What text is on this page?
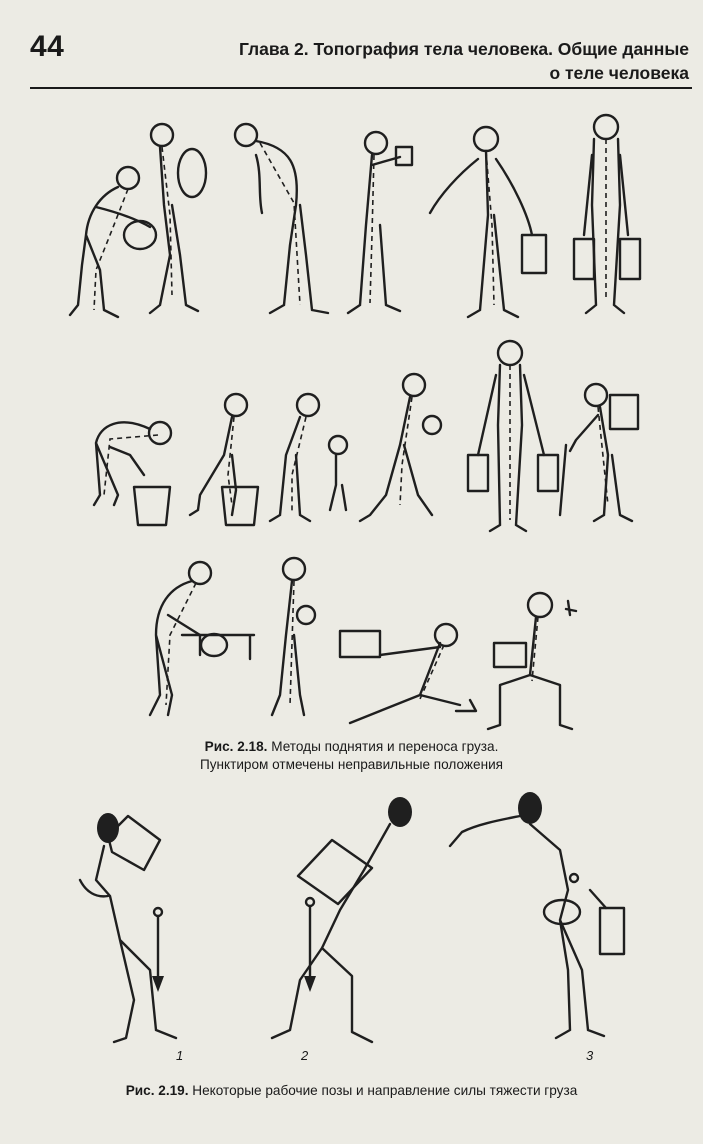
44	Глава 2. Топография тела человека. Общие данные
о теле человека
Рис. 2.18. Методы поднятия и переноса груза.
Пунктиром отмечены неправильные положения
1	2	3
Рис. 2.19. Некоторые рабочие позы и направление силы тяжести груза
